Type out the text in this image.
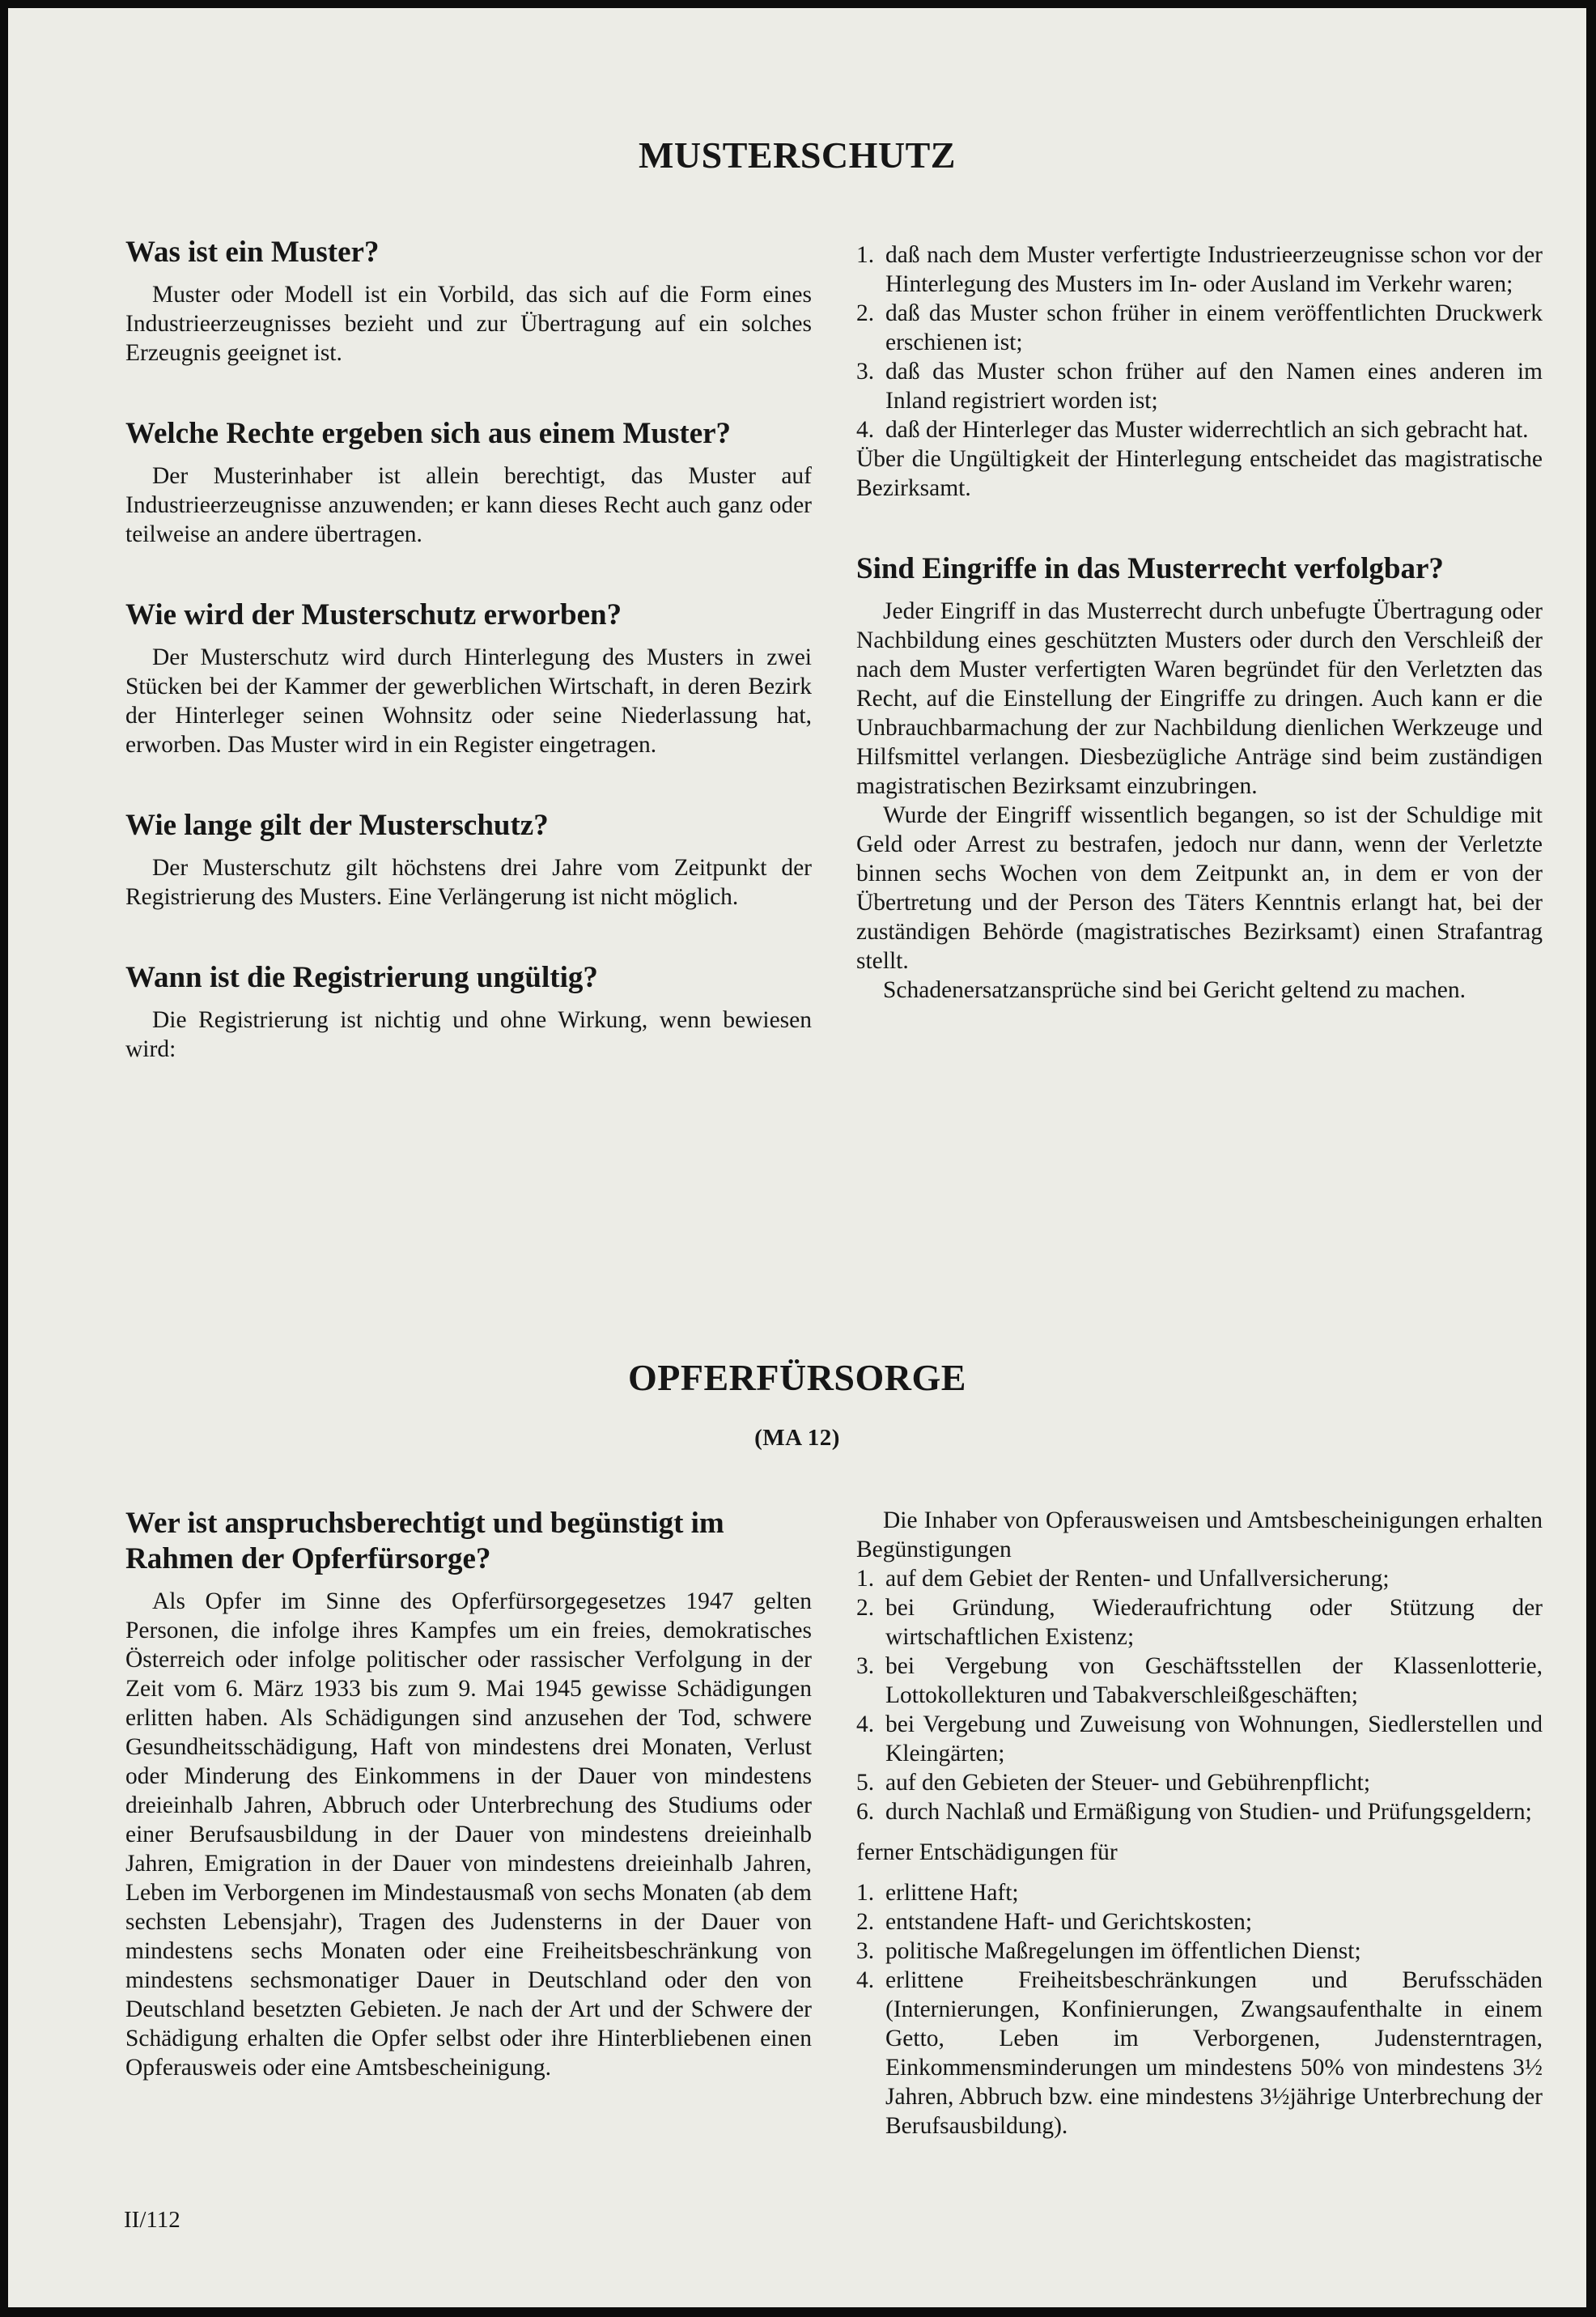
MUSTERSCHUTZ
Was ist ein Muster?

Muster oder Modell ist ein Vorbild, das sich auf die Form eines Industrieerzeugnisses bezieht und zur Übertragung auf ein solches Erzeugnis geeignet ist.

Welche Rechte ergeben sich aus einem Muster?

Der Musterinhaber ist allein berechtigt, das Muster auf Industrieerzeugnisse anzuwenden; er kann dieses Recht auch ganz oder teilweise an andere übertragen.

Wie wird der Musterschutz erworben?

Der Musterschutz wird durch Hinterlegung des Musters in zwei Stücken bei der Kammer der gewerblichen Wirtschaft, in deren Bezirk der Hinterleger seinen Wohnsitz oder seine Niederlassung hat, erworben. Das Muster wird in ein Register eingetragen.

Wie lange gilt der Musterschutz?

Der Musterschutz gilt höchstens drei Jahre vom Zeitpunkt der Registrierung des Musters. Eine Verlängerung ist nicht möglich.

Wann ist die Registrierung ungültig?

Die Registrierung ist nichtig und ohne Wirkung, wenn bewiesen wird:

1. daß nach dem Muster verfertigte Industrieerzeugnisse schon vor der Hinterlegung des Musters im In- oder Ausland im Verkehr waren;
2. daß das Muster schon früher in einem veröffentlichten Druckwerk erschienen ist;
3. daß das Muster schon früher auf den Namen eines anderen im Inland registriert worden ist;
4. daß der Hinterleger das Muster widerrechtlich an sich gebracht hat.

Über die Ungültigkeit der Hinterlegung entscheidet das magistratische Bezirksamt.

Sind Eingriffe in das Musterrecht verfolgbar?

Jeder Eingriff in das Musterrecht durch unbefugte Übertragung oder Nachbildung eines geschützten Musters oder durch den Verschleiß der nach dem Muster verfertigten Waren begründet für den Verletzten das Recht, auf die Einstellung der Eingriffe zu dringen. Auch kann er die Unbrauchbarmachung der zur Nachbildung dienlichen Werkzeuge und Hilfsmittel verlangen. Diesbezügliche Anträge sind beim zuständigen magistratischen Bezirksamt einzubringen.

Wurde der Eingriff wissentlich begangen, so ist der Schuldige mit Geld oder Arrest zu bestrafen, jedoch nur dann, wenn der Verletzte binnen sechs Wochen von dem Zeitpunkt an, in dem er von der Übertretung und der Person des Täters Kenntnis erlangt hat, bei der zuständigen Behörde (magistratisches Bezirksamt) einen Strafantrag stellt.

Schadenersatzansprüche sind bei Gericht geltend zu machen.

OPFERFÜRSORGE
(MA 12)
Wer ist anspruchsberechtigt und begünstigt im Rahmen der Opferfürsorge?

Als Opfer im Sinne des Opferfürsorgegesetzes 1947 gelten Personen, die infolge ihres Kampfes um ein freies, demokratisches Österreich oder infolge politischer oder rassischer Verfolgung in der Zeit vom 6. März 1933 bis zum 9. Mai 1945 gewisse Schädigungen erlitten haben. Als Schädigungen sind anzusehen der Tod, schwere Gesundheitsschädigung, Haft von mindestens drei Monaten, Verlust oder Minderung des Einkommens in der Dauer von mindestens dreieinhalb Jahren, Abbruch oder Unterbrechung des Studiums oder einer Berufsausbildung in der Dauer von mindestens dreieinhalb Jahren, Emigration in der Dauer von mindestens dreieinhalb Jahren, Leben im Verborgenen im Mindestausmaß von sechs Monaten (ab dem sechsten Lebensjahr), Tragen des Judensterns in der Dauer von mindestens sechs Monaten oder eine Freiheitsbeschränkung von mindestens sechsmonatiger Dauer in Deutschland oder den von Deutschland besetzten Gebieten. Je nach der Art und der Schwere der Schädigung erhalten die Opfer selbst oder ihre Hinterbliebenen einen Opferausweis oder eine Amtsbescheinigung.

Die Inhaber von Opferausweisen und Amtsbescheinigungen erhalten Begünstigungen

1. auf dem Gebiet der Renten- und Unfallversicherung;
2. bei Gründung, Wiederaufrichtung oder Stützung der wirtschaftlichen Existenz;
3. bei Vergebung von Geschäftsstellen der Klassenlotterie, Lottokollekturen und Tabakverschleißgeschäften;
4. bei Vergebung und Zuweisung von Wohnungen, Siedlerstellen und Kleingärten;
5. auf den Gebieten der Steuer- und Gebührenpflicht;
6. durch Nachlaß und Ermäßigung von Studien- und Prüfungsgeldern;

ferner Entschädigungen für

1. erlittene Haft;
2. entstandene Haft- und Gerichtskosten;
3. politische Maßregelungen im öffentlichen Dienst;
4. erlittene Freiheitsbeschränkungen und Berufsschäden (Internierungen, Konfinierungen, Zwangsaufenthalte in einem Getto, Leben im Verborgenen, Judensterntragen, Einkommensminderungen um mindestens 50% von mindestens 3½ Jahren, Abbruch bzw. eine mindestens 3½jährige Unterbrechung der Berufsausbildung).
II/112
